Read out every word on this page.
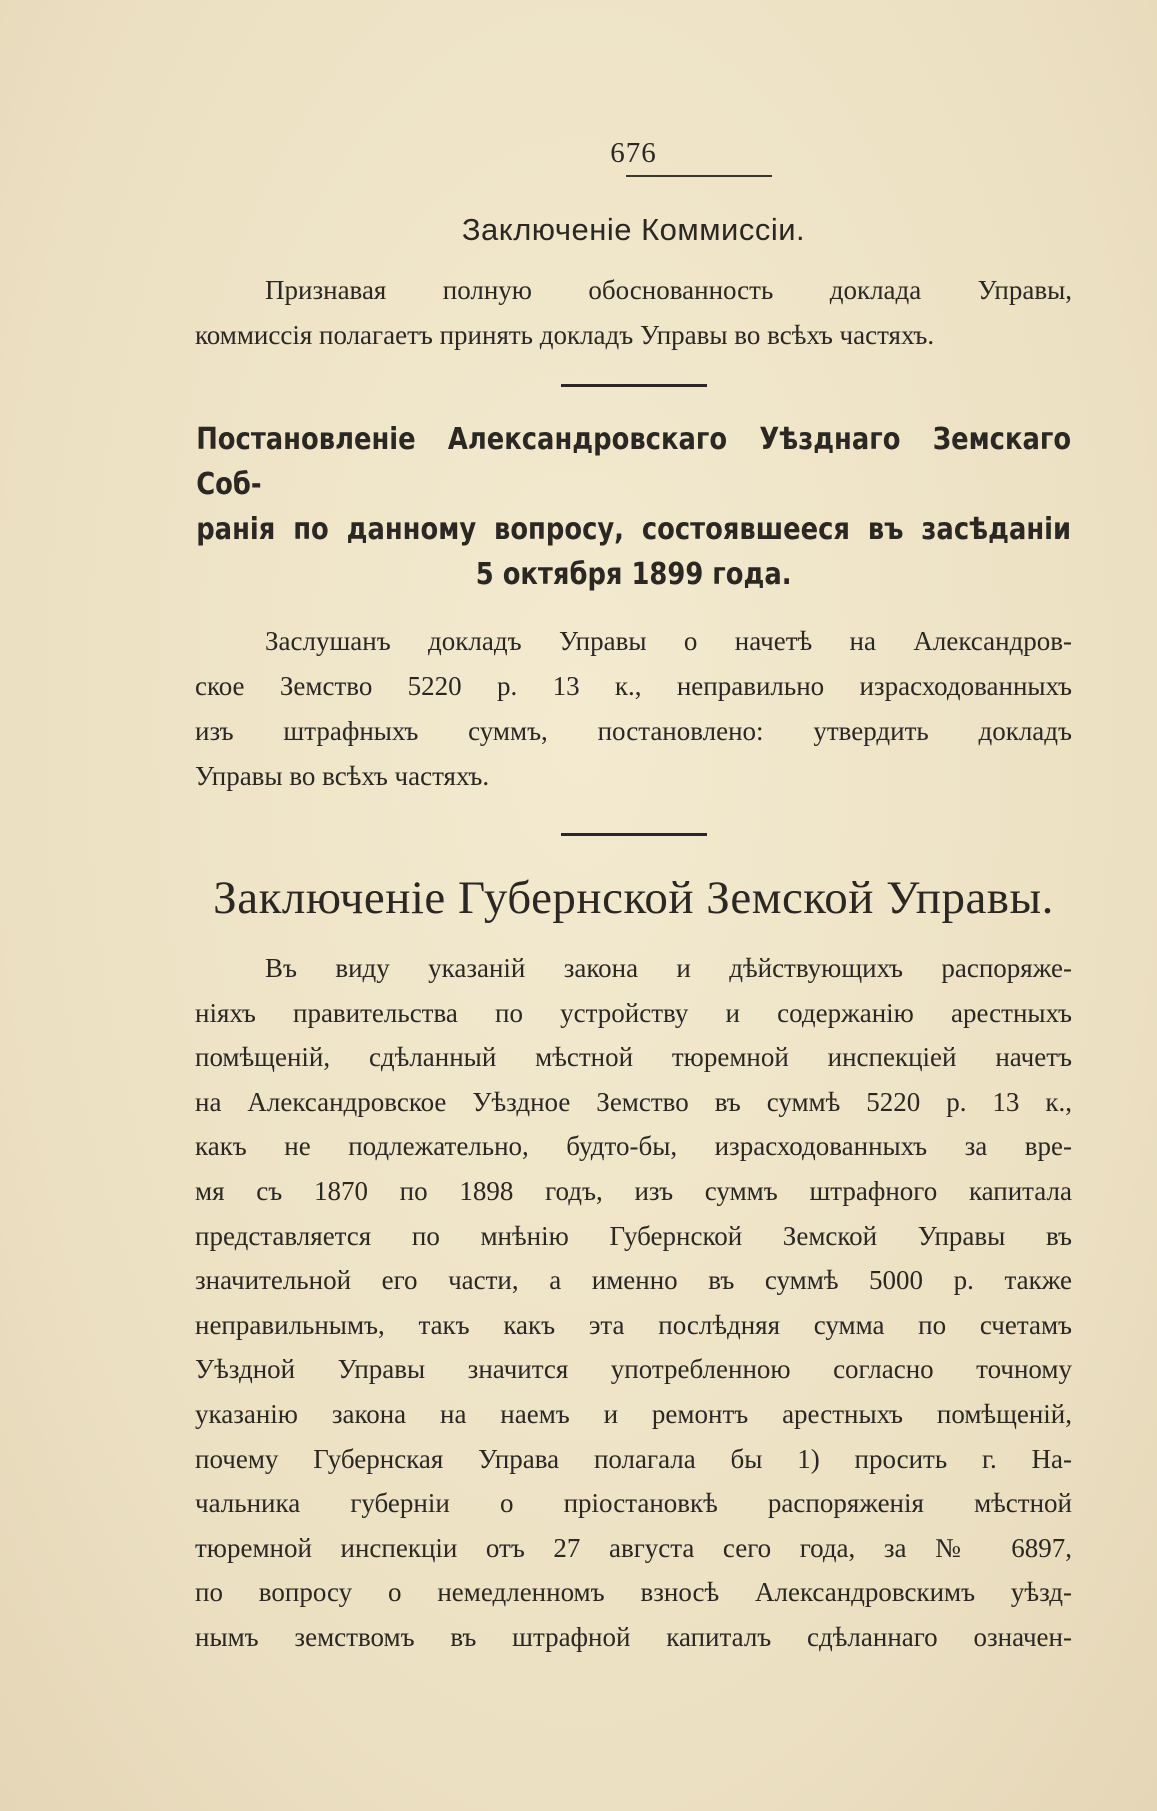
676
Заключеніе Коммиссіи.

Признавая полную обоснованность доклада Управы,

коммиссія полагаетъ принять докладъ Управы во всѣхъ частяхъ.

Постановленіе Александровскаго Уѣзднаго Земскаго Соб-
ранія по данному вопросу, состоявшееся въ засѣданіи
5 октября 1899 года.

Заслушанъ докладъ Управы о начетѣ на Александров-

ское Земство 5220 р. 13 к., неправильно израсходованныхъ

изъ штрафныхъ суммъ, постановлено: утвердить докладъ

Управы во всѣхъ частяхъ.

Заключеніе Губернской Земской Управы.

Въ виду указаній закона и дѣйствующихъ распоряже-

ніяхъ правительства по устройству и содержанію арестныхъ

помѣщеній, сдѣланный мѣстной тюремной инспекціей начетъ

на Александровское Уѣздное Земство въ суммѣ 5220 р. 13 к.,

какъ не подлежательно, будто-бы, израсходованныхъ за вре-

мя съ 1870 по 1898 годъ, изъ суммъ штрафного капитала

представляется по мнѣнію Губернской Земской Управы въ

значительной его части, а именно въ суммѣ 5000 р. также

неправильнымъ, такъ какъ эта послѣдняя сумма по счетамъ

Уѣздной Управы значится употребленною согласно точному

указанію закона на наемъ и ремонтъ арестныхъ помѣщеній,

почему Губернская Управа полагала бы 1) просить г. На-

чальника губерніи о пріостановкѣ распоряженія мѣстной

тюремной инспекціи отъ 27 августа сего года, за № 6897,

по вопросу о немедленномъ взносѣ Александровскимъ уѣзд-

нымъ земствомъ въ штрафной капиталъ сдѣланнаго означен-
